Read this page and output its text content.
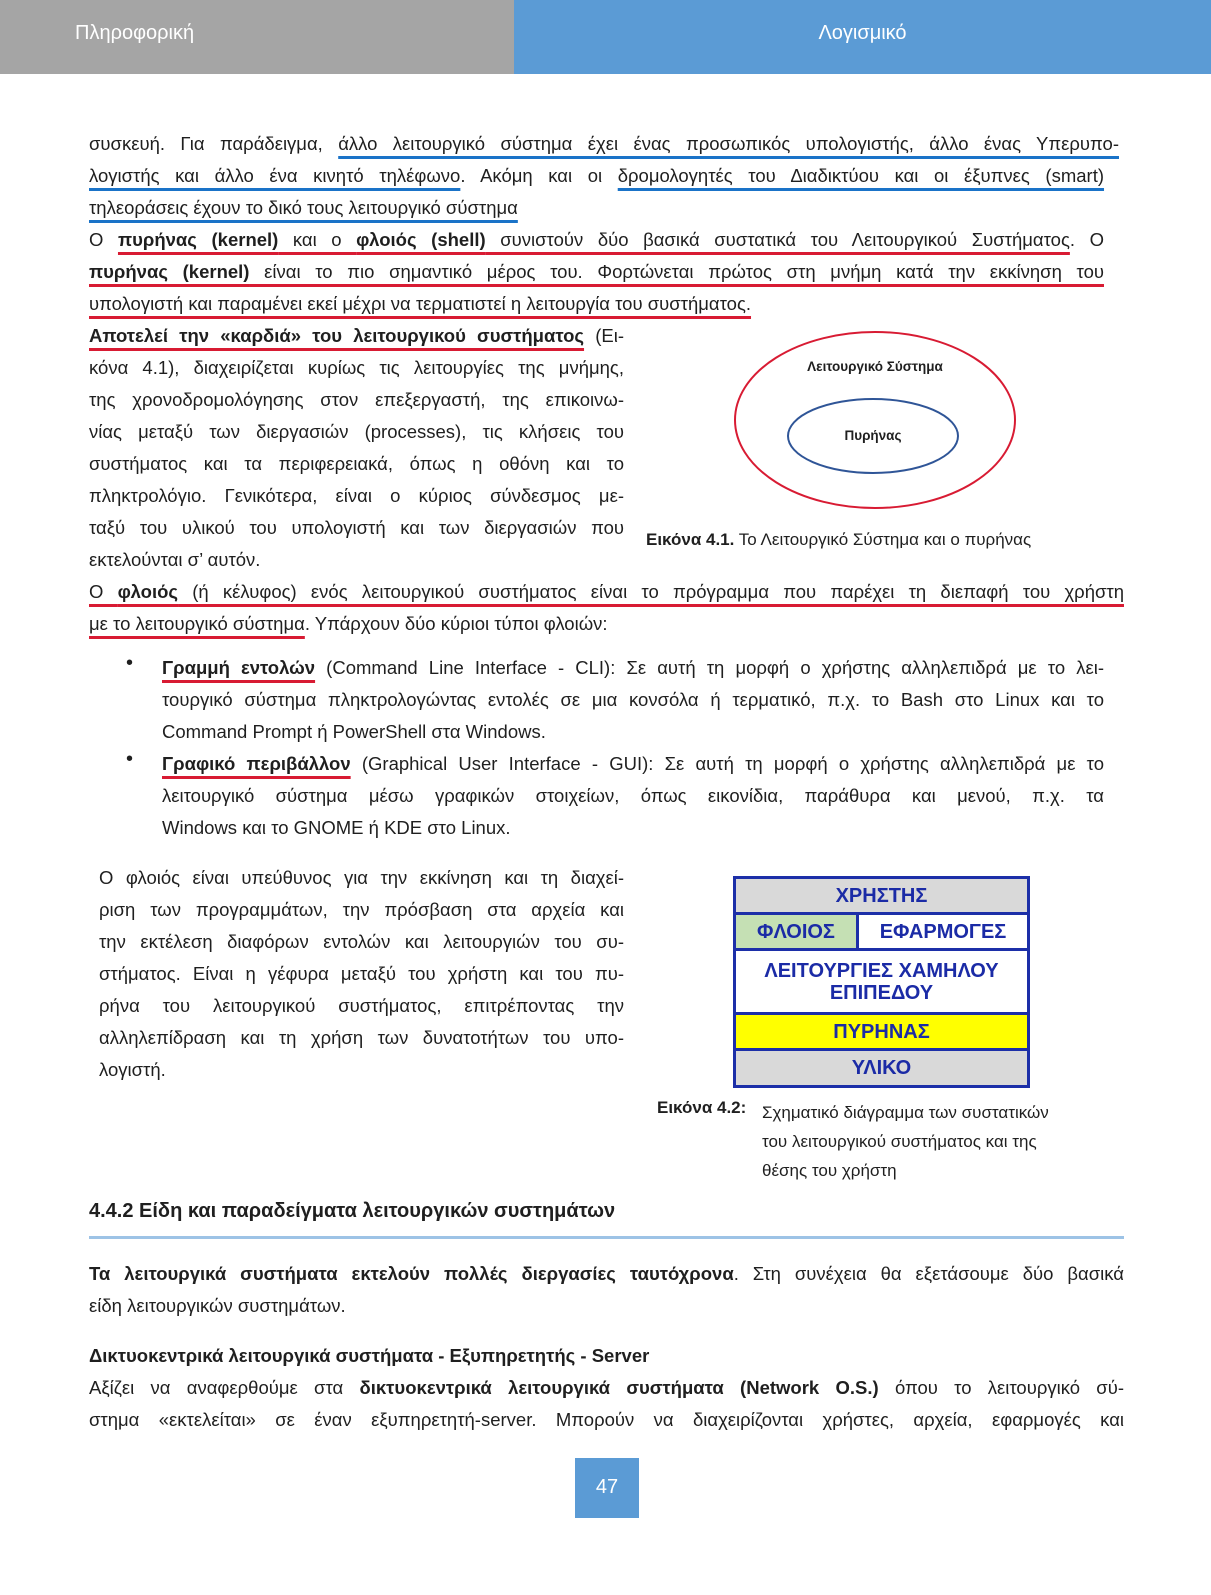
Πληροφορική	Λογισμικό
συσκευή. Για παράδειγμα, άλλο λειτουργικό σύστημα έχει ένας προσωπικός υπολογιστής, άλλο ένας Υπερυπο-
λογιστής και άλλο ένα κινητό τηλέφωνο. Ακόμη και οι δρομολογητές του Διαδικτύου και οι έξυπνες (smart)
τηλεοράσεις έχουν το δικό τους λειτουργικό σύστημα
Ο πυρήνας (kernel) και ο φλοιός (shell) συνιστούν δύο βασικά συστατικά του Λειτουργικού Συστήματος. Ο
πυρήνας (kernel) είναι το πιο σημαντικό μέρος του. Φορτώνεται πρώτος στη μνήμη κατά την εκκίνηση του
υπολογιστή και παραμένει εκεί μέχρι να τερματιστεί η λειτουργία του συστήματος.
Αποτελεί την «καρδιά» του λειτουργικού συστήματος (Ει-
κόνα 4.1), διαχειρίζεται κυρίως τις λειτουργίες της μνήμης,
της χρονοδρομολόγησης στον επεξεργαστή, της επικοινω-
νίας μεταξύ των διεργασιών (processes), τις κλήσεις του
συστήματος και τα περιφερειακά, όπως η οθόνη και το
πληκτρολόγιο. Γενικότερα, είναι ο κύριος σύνδεσμος με-
ταξύ του υλικού του υπολογιστή και των διεργασιών που
εκτελούνται σ’ αυτόν.
Λειτουργικό Σύστημα
Πυρήνας
Εικόνα 4.1. Το Λειτουργικό Σύστημα και ο πυρήνας
Ο φλοιός (ή κέλυφος) ενός λειτουργικού συστήματος είναι το πρόγραμμα που παρέχει τη διεπαφή του χρήστη
με το λειτουργικό σύστημα. Υπάρχουν δύο κύριοι τύποι φλοιών:
• Γραμμή εντολών (Command Line Interface - CLI): Σε αυτή τη μορφή ο χρήστης αλληλεπιδρά με το λει-
τουργικό σύστημα πληκτρολογώντας εντολές σε μια κονσόλα ή τερματικό, π.χ. το Bash στο Linux και το
Command Prompt ή PowerShell στα Windows.
• Γραφικό περιβάλλον (Graphical User Interface - GUI): Σε αυτή τη μορφή ο χρήστης αλληλεπιδρά με το
λειτουργικό σύστημα μέσω γραφικών στοιχείων, όπως εικονίδια, παράθυρα και μενού, π.χ. τα
Windows και το GNOME ή KDE στο Linux.
Ο φλοιός είναι υπεύθυνος για την εκκίνηση και τη διαχεί-
ριση των προγραμμάτων, την πρόσβαση στα αρχεία και
την εκτέλεση διαφόρων εντολών και λειτουργιών του συ-
στήματος. Είναι η γέφυρα μεταξύ του χρήστη και του πυ-
ρήνα του λειτουργικού συστήματος, επιτρέποντας την
αλληλεπίδραση και τη χρήση των δυνατοτήτων του υπο-
λογιστή.
ΧΡΗΣΤΗΣ
ΦΛΟΙΟΣ ΕΦΑΡΜΟΓΕΣ
ΛΕΙΤΟΥΡΓΙΕΣ ΧΑΜΗΛΟΥ
ΕΠΙΠΕΔΟΥ
ΠΥΡΗΝΑΣ
ΥΛΙΚΟ
Εικόνα 4.2: Σχηματικό διάγραμμα των συστατικών
του λειτουργικού συστήματος και της
θέσης του χρήστη
4.4.2 Είδη και παραδείγματα λειτουργικών συστημάτων
Τα λειτουργικά συστήματα εκτελούν πολλές διεργασίες ταυτόχρονα. Στη συνέχεια θα εξετάσουμε δύο βασικά
είδη λειτουργικών συστημάτων.
Δικτυοκεντρικά λειτουργικά συστήματα - Εξυπηρετητής - Server
Αξίζει να αναφερθούμε στα δικτυοκεντρικά λειτουργικά συστήματα (Network O.S.) όπου το λειτουργικό σύ-
στημα «εκτελείται» σε έναν εξυπηρετητή-server. Μπορούν να διαχειρίζονται χρήστες, αρχεία, εφαρμογές και
47
